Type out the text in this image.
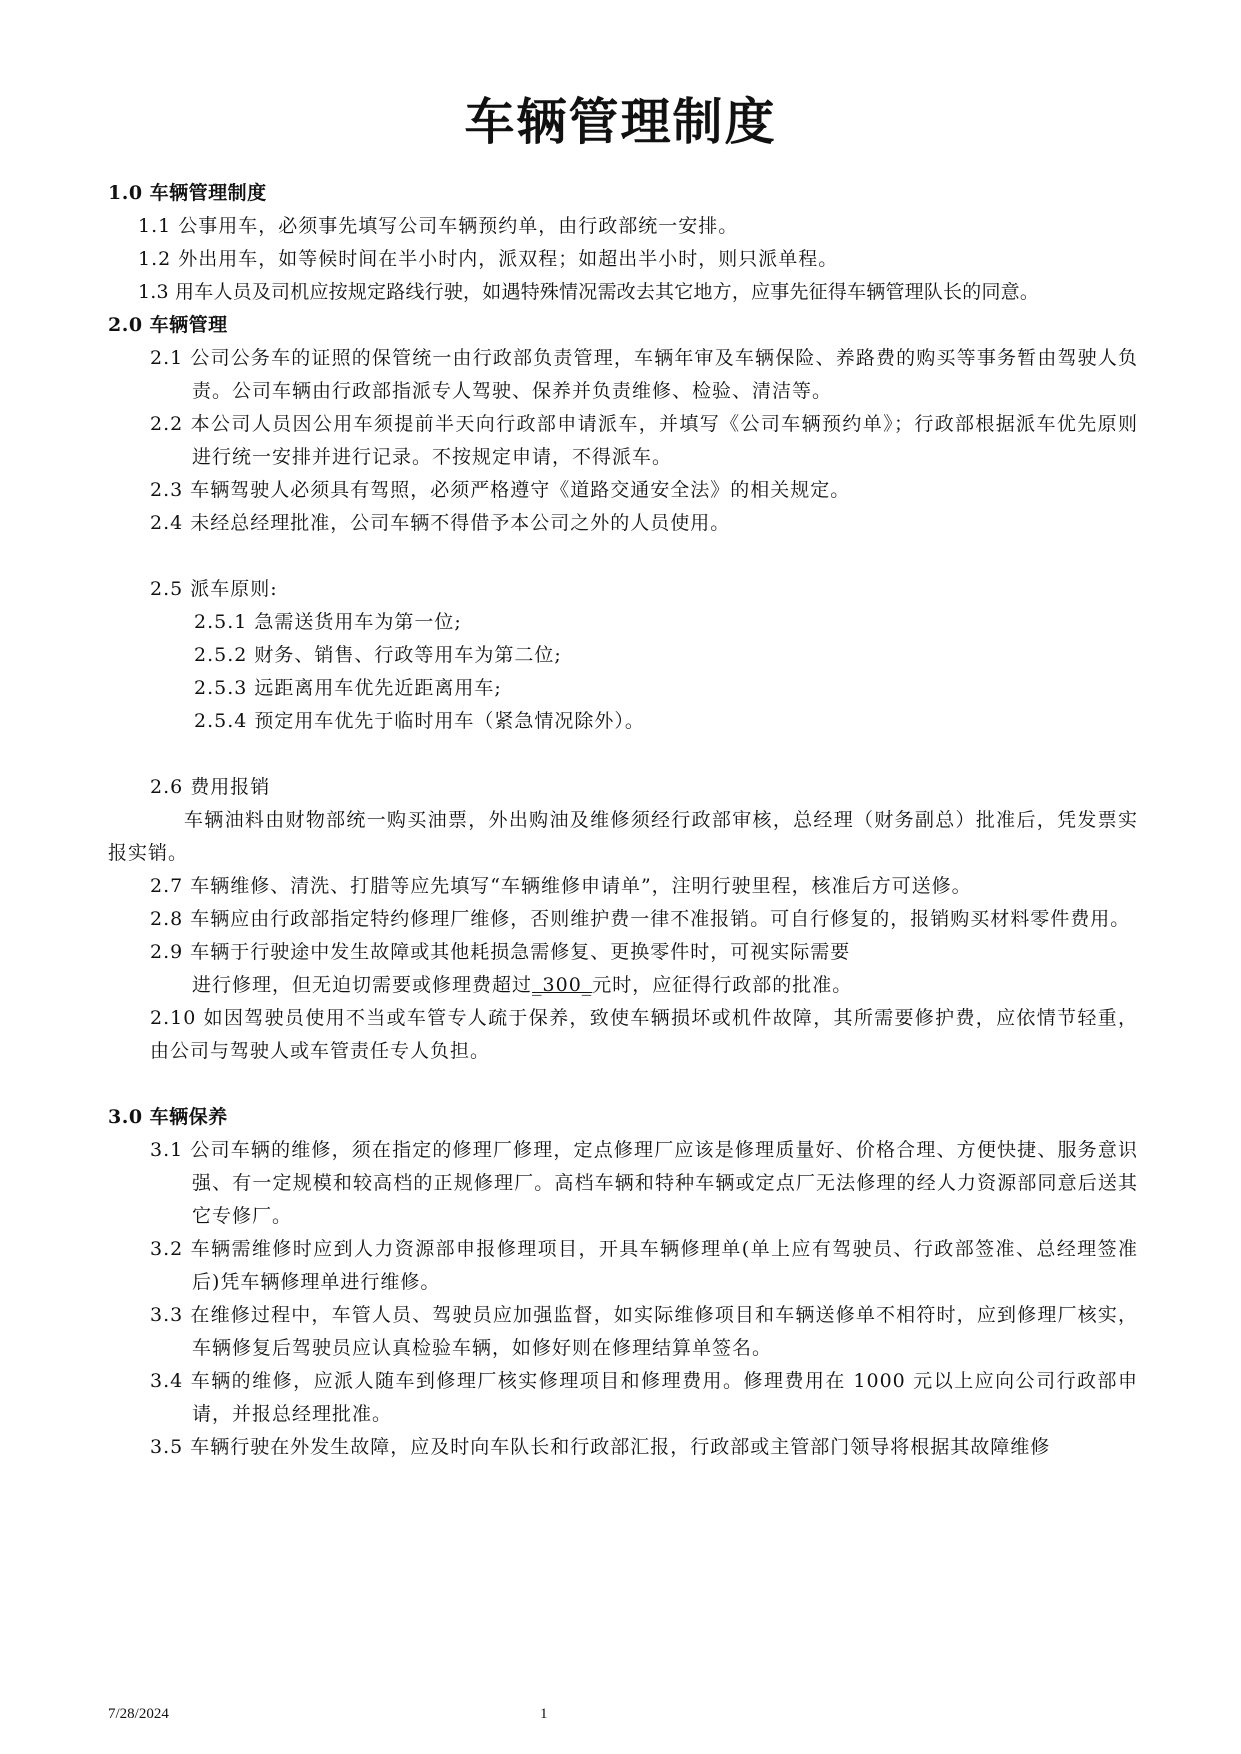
车辆管理制度

1.0 车辆管理制度

1.1 公事用车，必须事先填写公司车辆预约单，由行政部统一安排。

1.2 外出用车，如等候时间在半小时内，派双程；如超出半小时，则只派单程。

1.3 用车人员及司机应按规定路线行驶，如遇特殊情况需改去其它地方，应事先征得车辆管理队长的同意。

2.0 车辆管理

2.1 公司公务车的证照的保管统一由行政部负责管理，车辆年审及车辆保险、养路费的购买等事务暂由驾驶人负责。公司车辆由行政部指派专人驾驶、保养并负责维修、检验、清洁等。

2.2 本公司人员因公用车须提前半天向行政部申请派车，并填写《公司车辆预约单》；行政部根据派车优先原则进行统一安排并进行记录。不按规定申请，不得派车。

2.3 车辆驾驶人必须具有驾照，必须严格遵守《道路交通安全法》的相关规定。

2.4 未经总经理批准，公司车辆不得借予本公司之外的人员使用。

2.5 派车原则:

2.5.1 急需送货用车为第一位;

2.5.2 财务、销售、行政等用车为第二位;

2.5.3 远距离用车优先近距离用车;

2.5.4 预定用车优先于临时用车（紧急情况除外）。

2.6 费用报销

车辆油料由财物部统一购买油票，外出购油及维修须经行政部审核，总经理（财务副总）批准后，凭发票实报实销。

2.7 车辆维修、清洗、打腊等应先填写“车辆维修申请单”，注明行驶里程，核准后方可送修。

2.8 车辆应由行政部指定特约修理厂维修，否则维护费一律不准报销。可自行修复的，报销购买材料零件费用。

2.9 车辆于行驶途中发生故障或其他耗损急需修复、更换零件时，可视实际需要

进行修理，但无迫切需要或修理费超过_300_元时，应征得行政部的批准。

2.10 如因驾驶员使用不当或车管专人疏于保养，致使车辆损坏或机件故障，其所需要修护费，应依情节轻重，由公司与驾驶人或车管责任专人负担。

3.0 车辆保养

3.1 公司车辆的维修，须在指定的修理厂修理，定点修理厂应该是修理质量好、价格合理、方便快捷、服务意识强、有一定规模和较高档的正规修理厂。高档车辆和特种车辆或定点厂无法修理的经人力资源部同意后送其它专修厂。

3.2 车辆需维修时应到人力资源部申报修理项目，开具车辆修理单(单上应有驾驶员、行政部签准、总经理签准后)凭车辆修理单进行维修。

3.3 在维修过程中，车管人员、驾驶员应加强监督，如实际维修项目和车辆送修单不相符时，应到修理厂核实，车辆修复后驾驶员应认真检验车辆，如修好则在修理结算单签名。

3.4 车辆的维修，应派人随车到修理厂核实修理项目和修理费用。修理费用在 1000 元以上应向公司行政部申请，并报总经理批准。

3.5 车辆行驶在外发生故障，应及时向车队长和行政部汇报，行政部或主管部门领导将根据其故障维修

7/28/2024	1
